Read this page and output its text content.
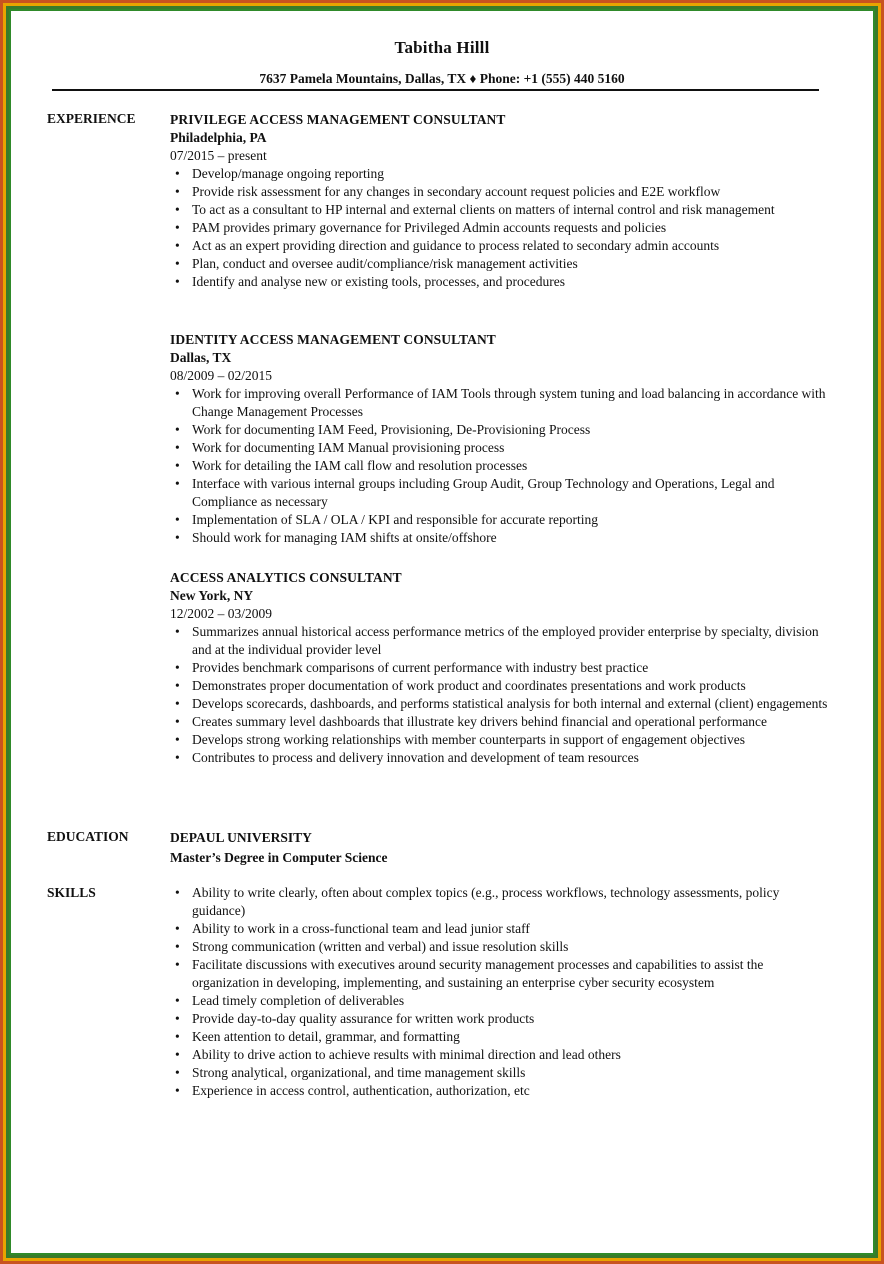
Tabitha Hilll
7637 Pamela Mountains, Dallas, TX ♦ Phone: +1 (555) 440 5160
EXPERIENCE	PRIVILEGE ACCESS MANAGEMENT CONSULTANT
Philadelphia, PA
07/2015 – present
• Develop/manage ongoing reporting
• Provide risk assessment for any changes in secondary account request policies and E2E workflow
• To act as a consultant to HP internal and external clients on matters of internal control and risk management
• PAM provides primary governance for Privileged Admin accounts requests and policies
• Act as an expert providing direction and guidance to process related to secondary admin accounts
• Plan, conduct and oversee audit/compliance/risk management activities
• Identify and analyse new or existing tools, processes, and procedures
IDENTITY ACCESS MANAGEMENT CONSULTANT
Dallas, TX
08/2009 – 02/2015
• Work for improving overall Performance of IAM Tools through system tuning and load balancing in accordance with Change Management Processes
• Work for documenting IAM Feed, Provisioning, De-Provisioning Process
• Work for documenting IAM Manual provisioning process
• Work for detailing the IAM call flow and resolution processes
• Interface with various internal groups including Group Audit, Group Technology and Operations, Legal and Compliance as necessary
• Implementation of SLA / OLA / KPI and responsible for accurate reporting
• Should work for managing IAM shifts at onsite/offshore
ACCESS ANALYTICS CONSULTANT
New York, NY
12/2002 – 03/2009
• Summarizes annual historical access performance metrics of the employed provider enterprise by specialty, division and at the individual provider level
• Provides benchmark comparisons of current performance with industry best practice
• Demonstrates proper documentation of work product and coordinates presentations and work products
• Develops scorecards, dashboards, and performs statistical analysis for both internal and external (client) engagements
• Creates summary level dashboards that illustrate key drivers behind financial and operational performance
• Develops strong working relationships with member counterparts in support of engagement objectives
• Contributes to process and delivery innovation and development of team resources
EDUCATION	DEPAUL UNIVERSITY
Master’s Degree in Computer Science
SKILLS	• Ability to write clearly, often about complex topics (e.g., process workflows, technology assessments, policy guidance)
• Ability to work in a cross-functional team and lead junior staff
• Strong communication (written and verbal) and issue resolution skills
• Facilitate discussions with executives around security management processes and capabilities to assist the organization in developing, implementing, and sustaining an enterprise cyber security ecosystem
• Lead timely completion of deliverables
• Provide day-to-day quality assurance for written work products
• Keen attention to detail, grammar, and formatting
• Ability to drive action to achieve results with minimal direction and lead others
• Strong analytical, organizational, and time management skills
• Experience in access control, authentication, authorization, etc
